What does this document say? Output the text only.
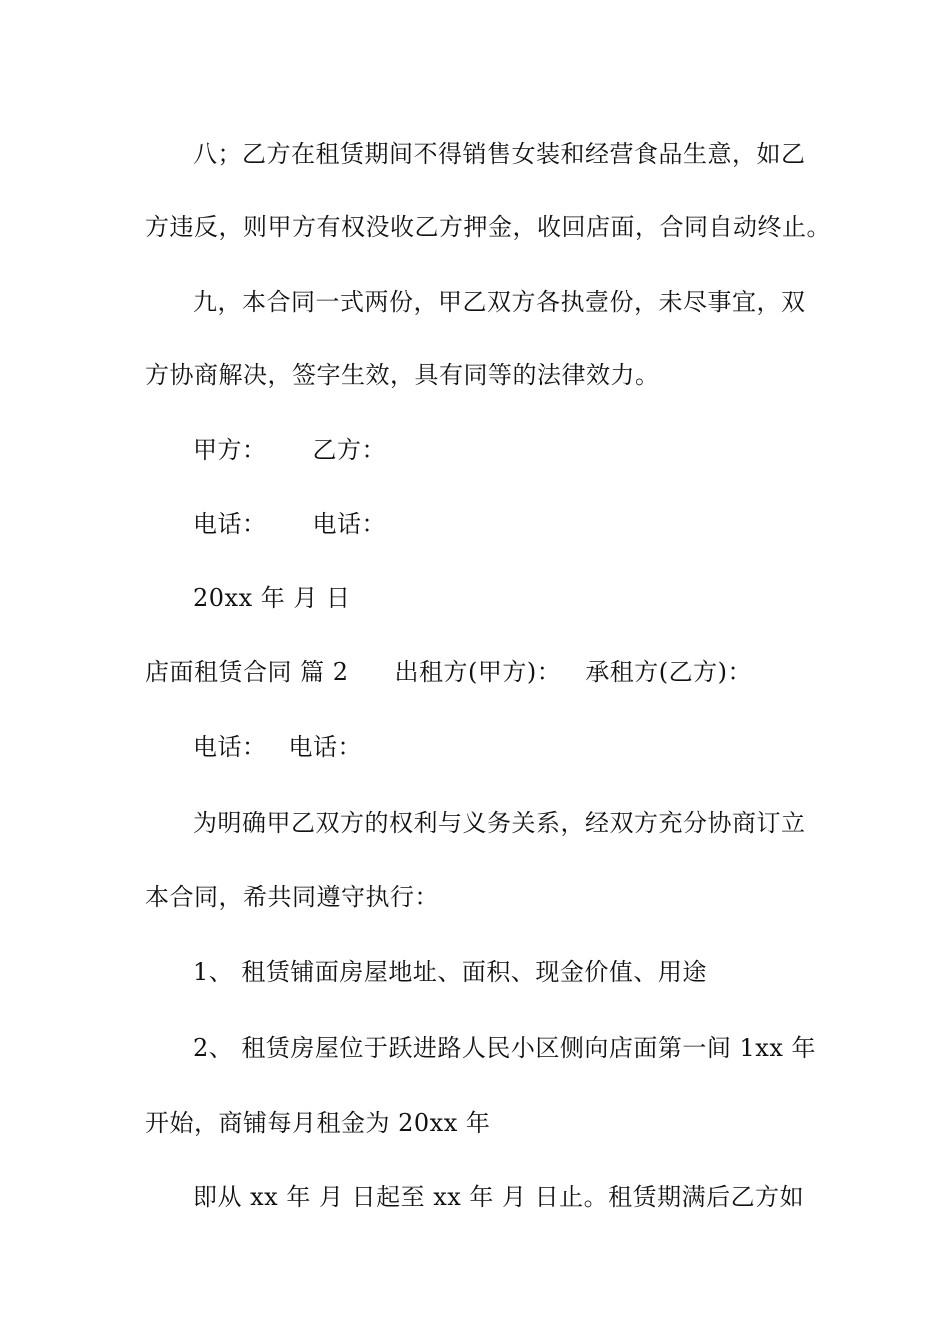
八；乙方在租赁期间不得销售女装和经营食品生意，如乙
方违反，则甲方有权没收乙方押金，收回店面，合同自动终止。
九，本合同一式两份，甲乙双方各执壹份，未尽事宜，双
方协商解决，签字生效，具有同等的法律效力。
甲方： 乙方：
电话： 电话：
20xx 年 月 日
店面租赁合同 篇 2 出租方(甲方)： 承租方(乙方)：
电话： 电话：
为明确甲乙双方的权利与义务关系，经双方充分协商订立
本合同，希共同遵守执行：
1、 租赁铺面房屋地址、面积、现金价值、用途
2、 租赁房屋位于跃进路人民小区侧向店面第一间 1xx 年
开始，商铺每月租金为 20xx 年
即从 xx 年 月 日起至 xx 年 月 日止。租赁期满后乙方如
